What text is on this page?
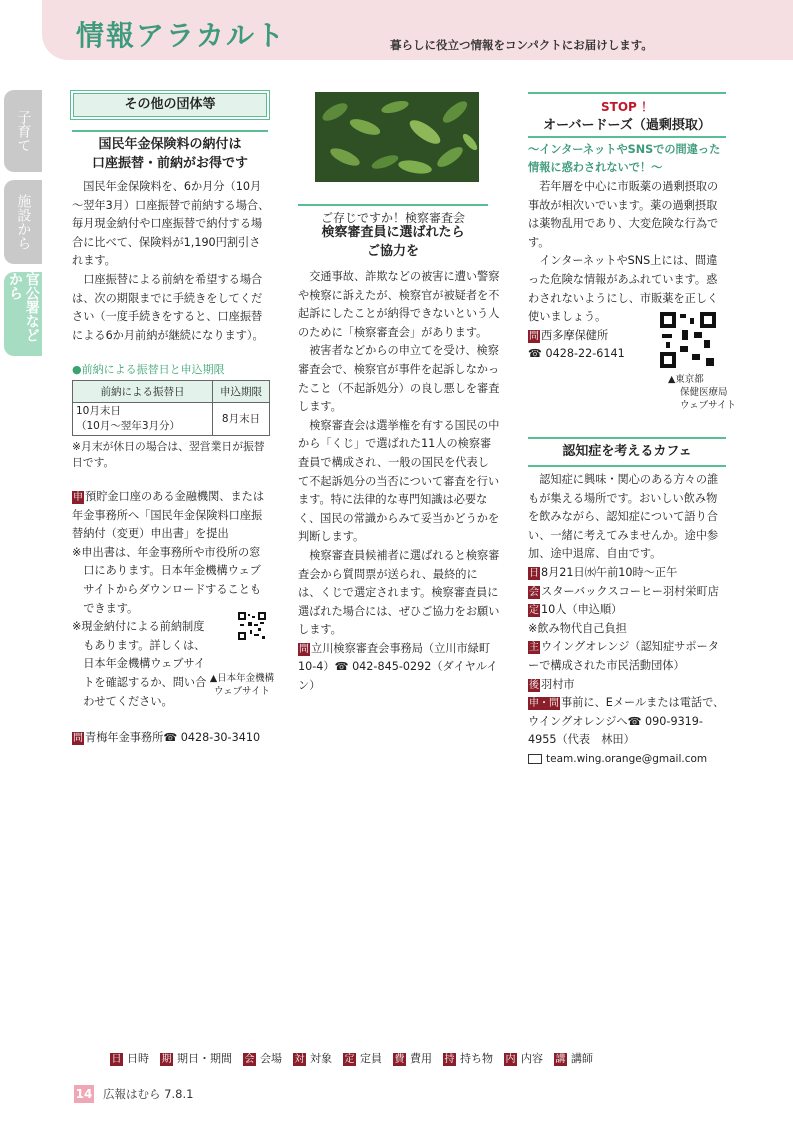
情報アラカルト	暮らしに役立つ情報をコンパクトにお届けします。
子育て
施設から
官公署など から
その他の団体等
国民年金保険料の納付は
口座振替・前納がお得です

国民年金保険料を、6か月分（10月～翌年3月）口座振替で前納する場合、毎月現金納付や口座振替で納付する場合に比べて、保険料が1,190円割引されます。

口座振替による前納を希望する場合は、次の期限までに手続きをしてください（一度手続きをすると、口座振替による6か月前納が継続になります）。

●前納による振替日と申込期限
前納による振替日	申込期限

10月末日
（10月～翌年3月分）	8月末日
※月末が休日の場合は、翌営業日が振替日です。

申 預貯金口座のある金融機関、または年金事務所へ「国民年金保険料口座振替納付（変更）申出書」を提出

※申出書は、年金事務所や市役所の窓口にあります。日本年金機構ウェブサイトからダウンロードすることもできます。

※現金納付による前納制度もあります。詳しくは、日本年金機構ウェブサイトを確認するか、問い合わせてください。

▲日本年金機構ウェブサイト
問 青梅年金事務所☎ 0428-30-3410
ご存じですか！検察審査会
検察審査員に選ばれたら
ご協力を

交通事故、詐欺などの被害に遭い警察や検察に訴えたが、検察官が被疑者を不起訴にしたことが納得できないという人のために「検察審査会」があります。

被害者などからの申立てを受け、検察審査会で、検察官が事件を起訴しなかったこと（不起訴処分）の良し悪しを審査します。

検察審査会は選挙権を有する国民の中から「くじ」で選ばれた11人の検察審査員で構成され、一般の国民を代表して不起訴処分の当否について審査を行います。特に法律的な専門知識は必要なく、国民の常識からみて妥当かどうかを判断します。

検察審査員候補者に選ばれると検察審査会から質問票が送られ、最終的には、くじで選定されます。検察審査員に選ばれた場合には、ぜひご協力をお願いします。

問 立川検察審査会事務局（立川市緑町10-4）☎ 042-845-0292（ダイヤルイン）

STOP ！
オーバードーズ（過剰摂取）
～インターネットやSNSでの間違った情報に惑わされないで！～

若年層を中心に市販薬の過剰摂取の事故が相次いでいます。薬の過剰摂取は薬物乱用であり、大変危険な行為です。

インターネットやSNS上には、間違った危険な情報があふれています。惑わされないようにし、市販薬を正しく使いましょう。

問 西多摩保健所

☎ 0428-22-6141

▲東京都
保健医療局
ウェブサイト
認知症を考えるカフェ

認知症に興味・関心のある方々の誰もが集える場所です。おいしい飲み物を飲みながら、認知症について語り合い、一緒に考えてみませんか。途中参加、途中退席、自由です。

日 8月21日㈬午前10時～正午

会 スターバックスコーヒー羽村栄町店 定 10人（申込順）

※飲み物代自己負担

主 ウイングオレンジ（認知症サポーターで構成された市民活動団体）

後 羽村市

申・問 事前に、Eメールまたは電話で、ウイングオレンジへ☎ 090-9319-4955（代表　林田）

team.wing.orange@gmail.com

日 日時 期 期日・期間 会 会場 対 対象 定 定員 費 費用 持 持ち物 内 内容 講 講師
14 広報はむら 7.8.1
